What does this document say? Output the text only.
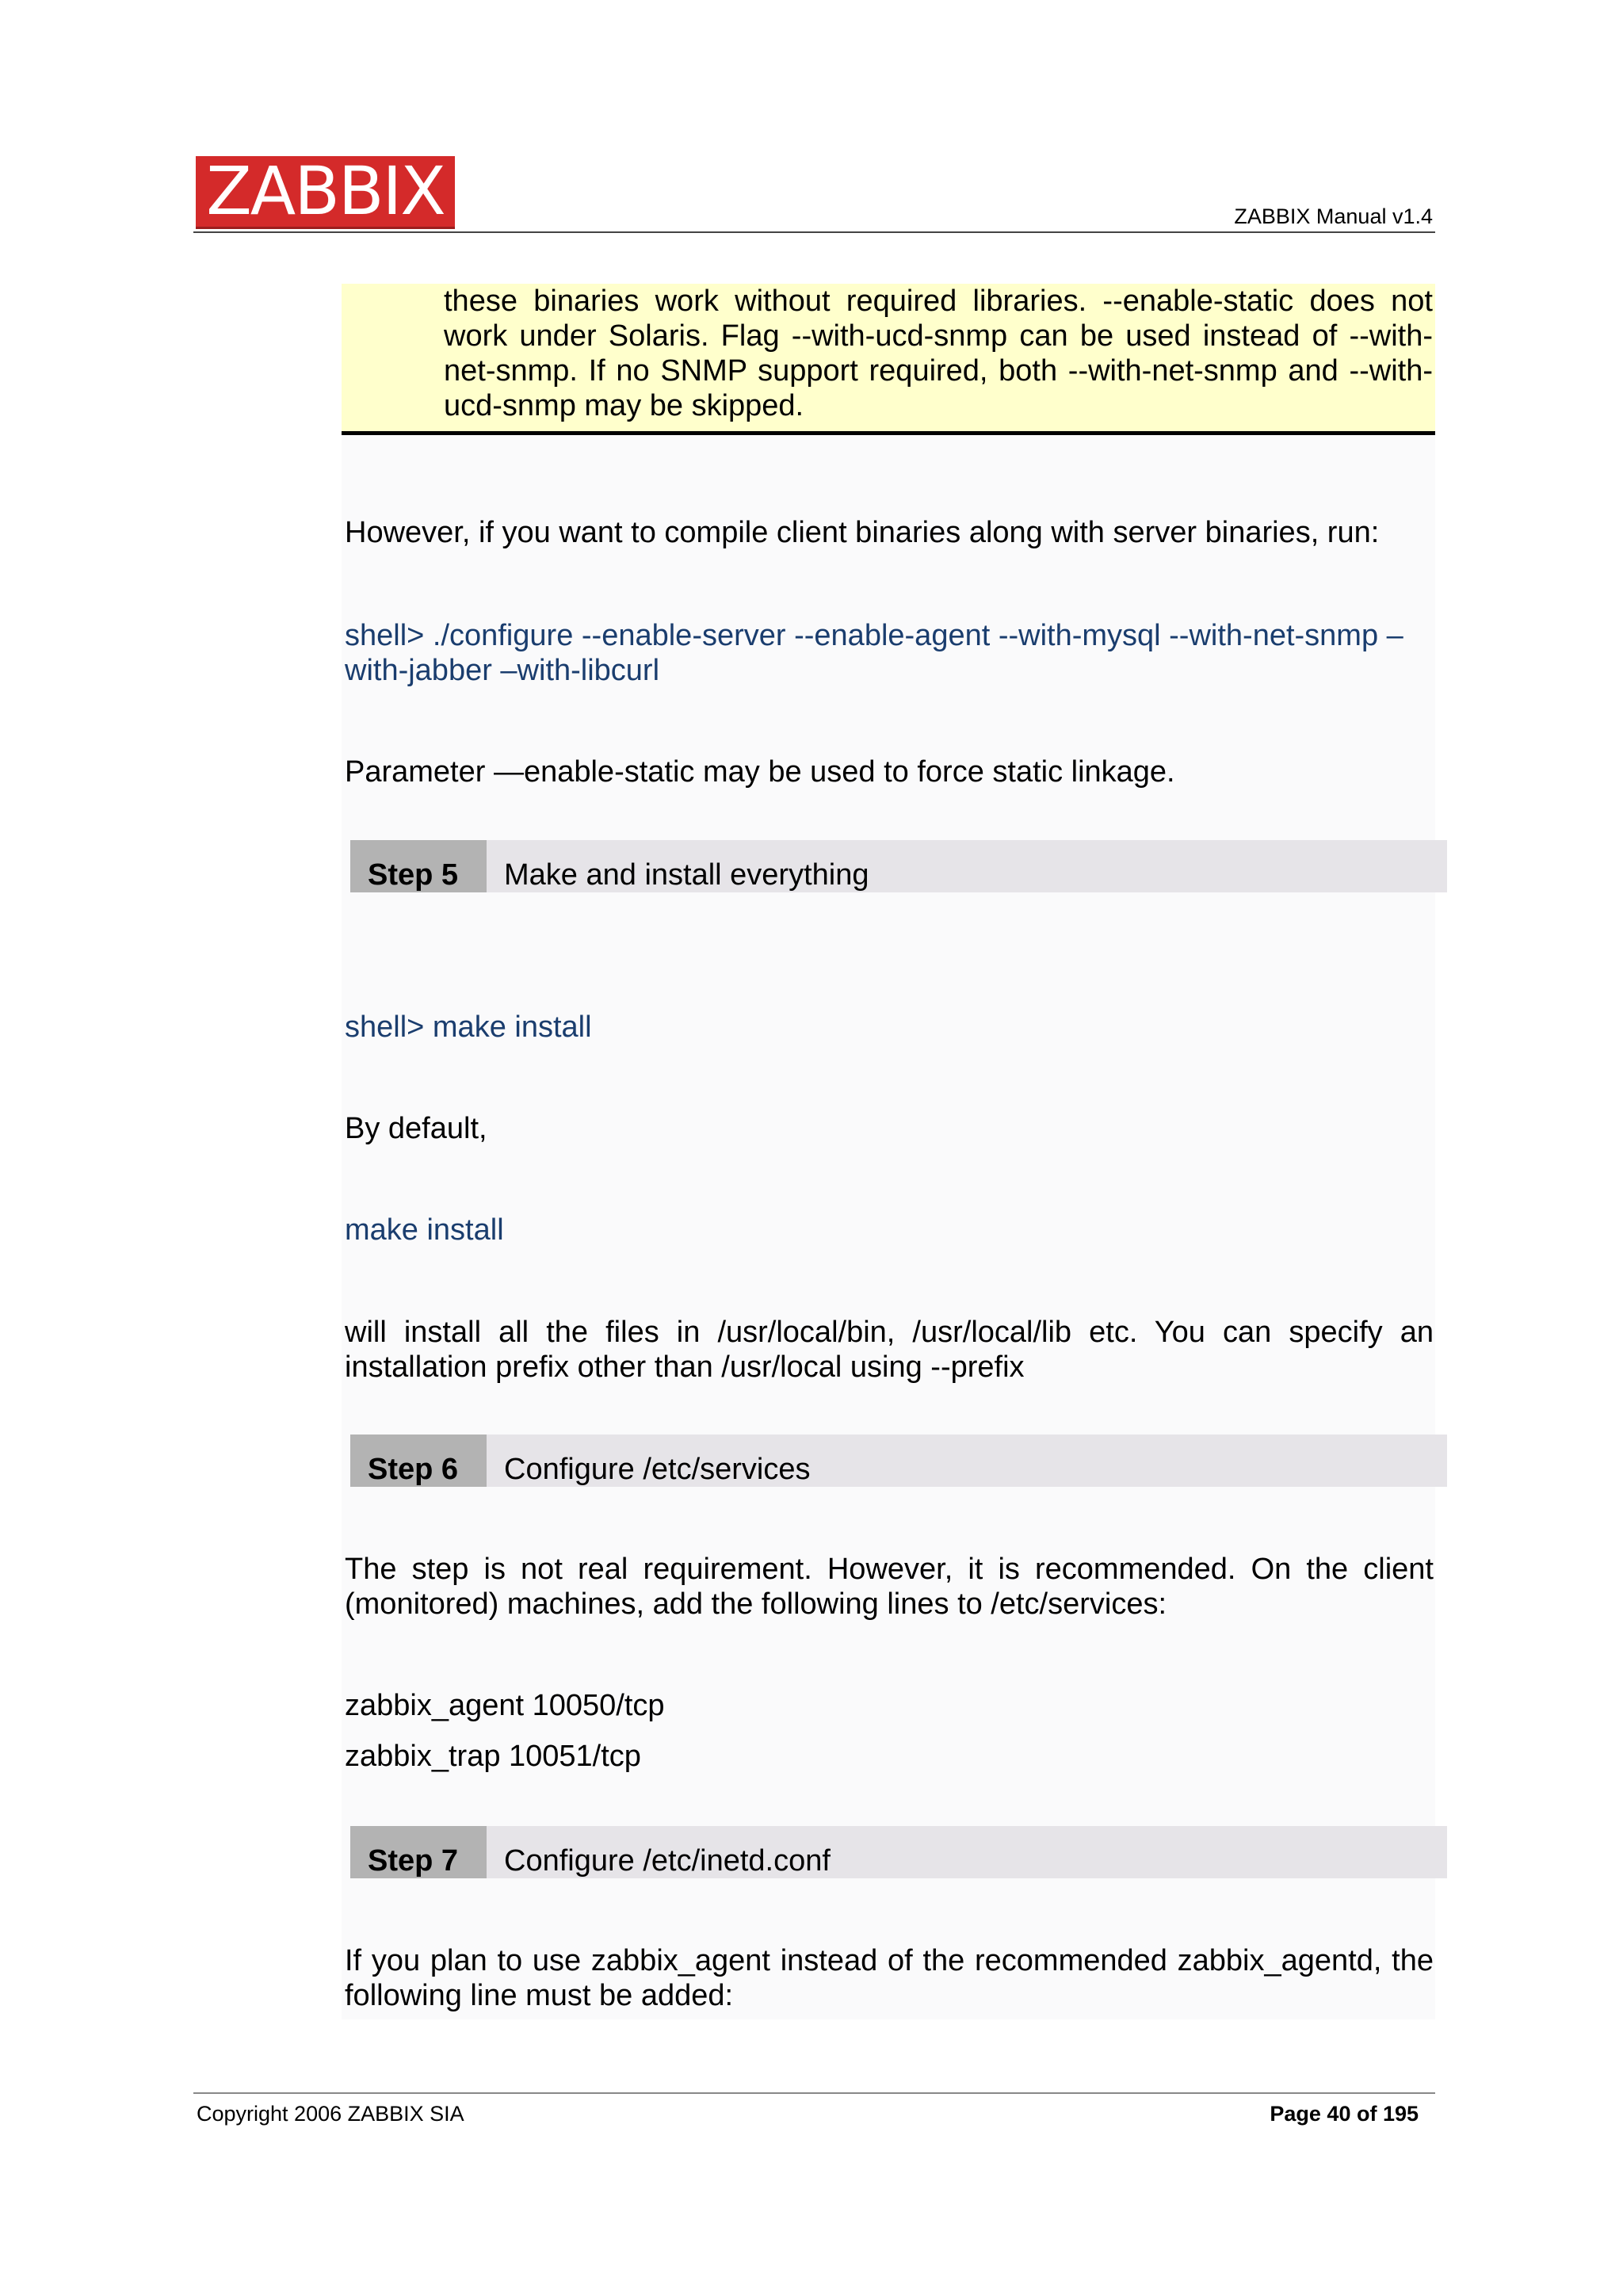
ZABBIX	ZABBIX Manual v1.4
these binaries work without required libraries. --enable-static does not work under Solaris. Flag --with-ucd-snmp can be used instead of --with-net-snmp. If no SNMP support required, both --with-net-snmp and --with-ucd-snmp may be skipped.
However, if you want to compile client binaries along with server binaries, run:
shell> ./configure --enable-server --enable-agent --with-mysql --with-net-snmp –with-jabber –with-libcurl
Parameter —enable-static may be used to force static linkage.
Step 5	Make and install everything
shell> make install
By default,
make install
will install all the files in /usr/local/bin, /usr/local/lib etc. You can specify an installation prefix other than /usr/local using --prefix
Step 6	Configure /etc/services
The step is not real requirement. However, it is recommended. On the client (monitored) machines, add the following lines to /etc/services:
zabbix_agent 10050/tcp
zabbix_trap 10051/tcp
Step 7	Configure /etc/inetd.conf
If you plan to use zabbix_agent instead of the recommended zabbix_agentd, the following line must be added:
Copyright 2006 ZABBIX SIA	Page 40 of 195
